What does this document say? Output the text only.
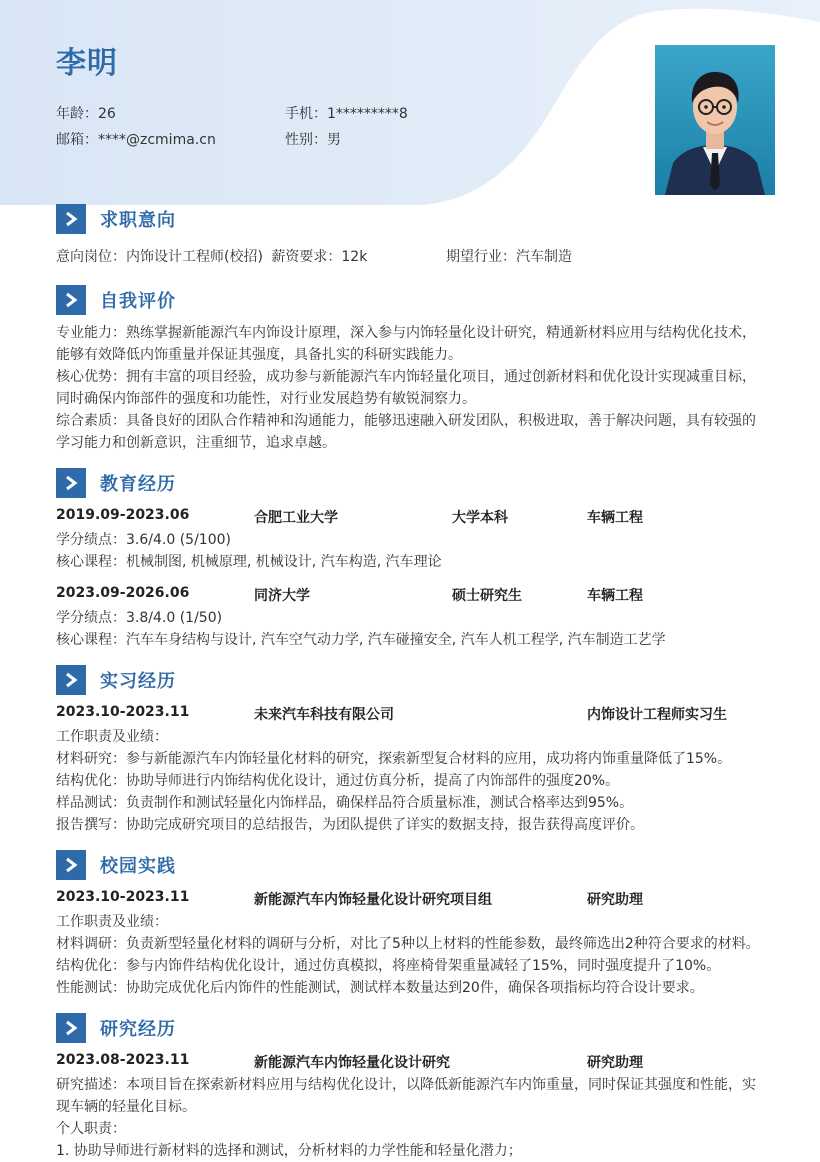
李明
年龄：26	手机：1*********8
邮箱：****@zcmima.cn	性别：男
求职意向
意向岗位：内饰设计工程师(校招) 薪资要求：12k	期望行业：汽车制造
自我评价
专业能力：熟练掌握新能源汽车内饰设计原理，深入参与内饰轻量化设计研究，精通新材料应用与结构优化技术，
能够有效降低内饰重量并保证其强度，具备扎实的科研实践能力。
核心优势：拥有丰富的项目经验，成功参与新能源汽车内饰轻量化项目，通过创新材料和优化设计实现减重目标，
同时确保内饰部件的强度和功能性，对行业发展趋势有敏锐洞察力。
综合素质：具备良好的团队合作精神和沟通能力，能够迅速融入研发团队，积极进取，善于解决问题，具有较强的
学习能力和创新意识，注重细节，追求卓越。
教育经历
2019.09-2023.06	合肥工业大学	大学本科	车辆工程
学分绩点：3.6/4.0 (5/100)
核心课程：机械制图, 机械原理, 机械设计, 汽车构造, 汽车理论
2023.09-2026.06	同济大学	硕士研究生	车辆工程
学分绩点：3.8/4.0 (1/50)
核心课程：汽车车身结构与设计, 汽车空气动力学, 汽车碰撞安全, 汽车人机工程学, 汽车制造工艺学
实习经历
2023.10-2023.11	未来汽车科技有限公司	内饰设计工程师实习生
工作职责及业绩：
材料研究：参与新能源汽车内饰轻量化材料的研究，探索新型复合材料的应用，成功将内饰重量降低了15%。
结构优化：协助导师进行内饰结构优化设计，通过仿真分析，提高了内饰部件的强度20%。
样品测试：负责制作和测试轻量化内饰样品，确保样品符合质量标准，测试合格率达到95%。
报告撰写：协助完成研究项目的总结报告，为团队提供了详实的数据支持，报告获得高度评价。
校园实践
2023.10-2023.11	新能源汽车内饰轻量化设计研究项目组	研究助理
工作职责及业绩：
材料调研：负责新型轻量化材料的调研与分析，对比了5种以上材料的性能参数，最终筛选出2种符合要求的材料。
结构优化：参与内饰件结构优化设计，通过仿真模拟，将座椅骨架重量减轻了15%，同时强度提升了10%。
性能测试：协助完成优化后内饰件的性能测试，测试样本数量达到20件，确保各项指标均符合设计要求。
研究经历
2023.08-2023.11	新能源汽车内饰轻量化设计研究	研究助理
研究描述：本项目旨在探索新材料应用与结构优化设计，以降低新能源汽车内饰重量，同时保证其强度和性能，实
现车辆的轻量化目标。
个人职责：
1. 协助导师进行新材料的选择和测试，分析材料的力学性能和轻量化潜力；
